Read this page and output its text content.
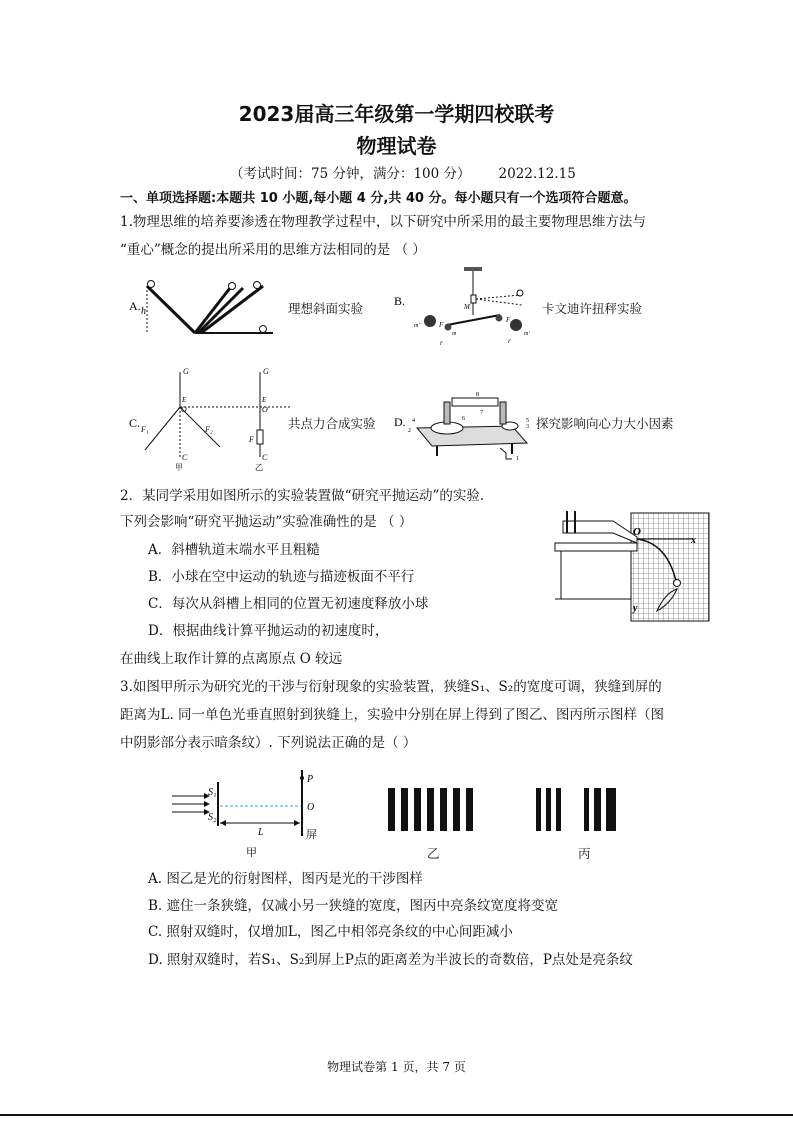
2023届高三年级第一学期四校联考
物理试卷
（考试时间：75 分钟，满分：100 分） 2022.12.15
一、单项选择题:本题共 10 小题,每小题 4 分,共 40 分。每小题只有一个选项符合题意。
1.物理思维的培养要渗透在物理教学过程中，以下研究中所采用的最主要物理思维方法与
“重心”概念的提出所采用的思维方法相同的是 （ ）
A. h	理想斜面实验	B.	M
m'
m
F
F
m'
r	r
卡文迪许扭秤实验
C.
G	G
E	E
O	O
F₁	F₂
F
C	C
甲	乙
共点力合成实验 D.
1
2
3
4	5
6
7
8
探究影响向心力大小因素
2．某同学采用如图所示的实验装置做“研究平抛运动”的实验.
下列会影响“研究平抛运动”实验准确性的是 （ ）
A．斜槽轨道末端水平且粗糙
B．小球在空中运动的轨迹与描迹板面不平行
C．每次从斜槽上相同的位置无初速度释放小球
D．根据曲线计算平抛运动的初速度时，
在曲线上取作计算的点离原点 O 较远
O
x
y
3.如图甲所示为研究光的干涉与衍射现象的实验装置，狭缝S₁、S₂的宽度可调，狭缝到屏的
距离为L. 同一单色光垂直照射到狭缝上，实验中分别在屏上得到了图乙、图丙所示图样（图
中阴影部分表示暗条纹）. 下列说法正确的是（ ）
S₁
S₂
P
O
L	屏
甲	乙	丙
A. 图乙是光的衍射图样，图丙是光的干涉图样
B. 遮住一条狭缝，仅减小另一狭缝的宽度，图丙中亮条纹宽度将变宽
C. 照射双缝时，仅增加L，图乙中相邻亮条纹的中心间距减小
D. 照射双缝时，若S₁、S₂到屏上P点的距离差为半波长的奇数倍，P点处是亮条纹
物理试卷第 1 页，共 7 页
